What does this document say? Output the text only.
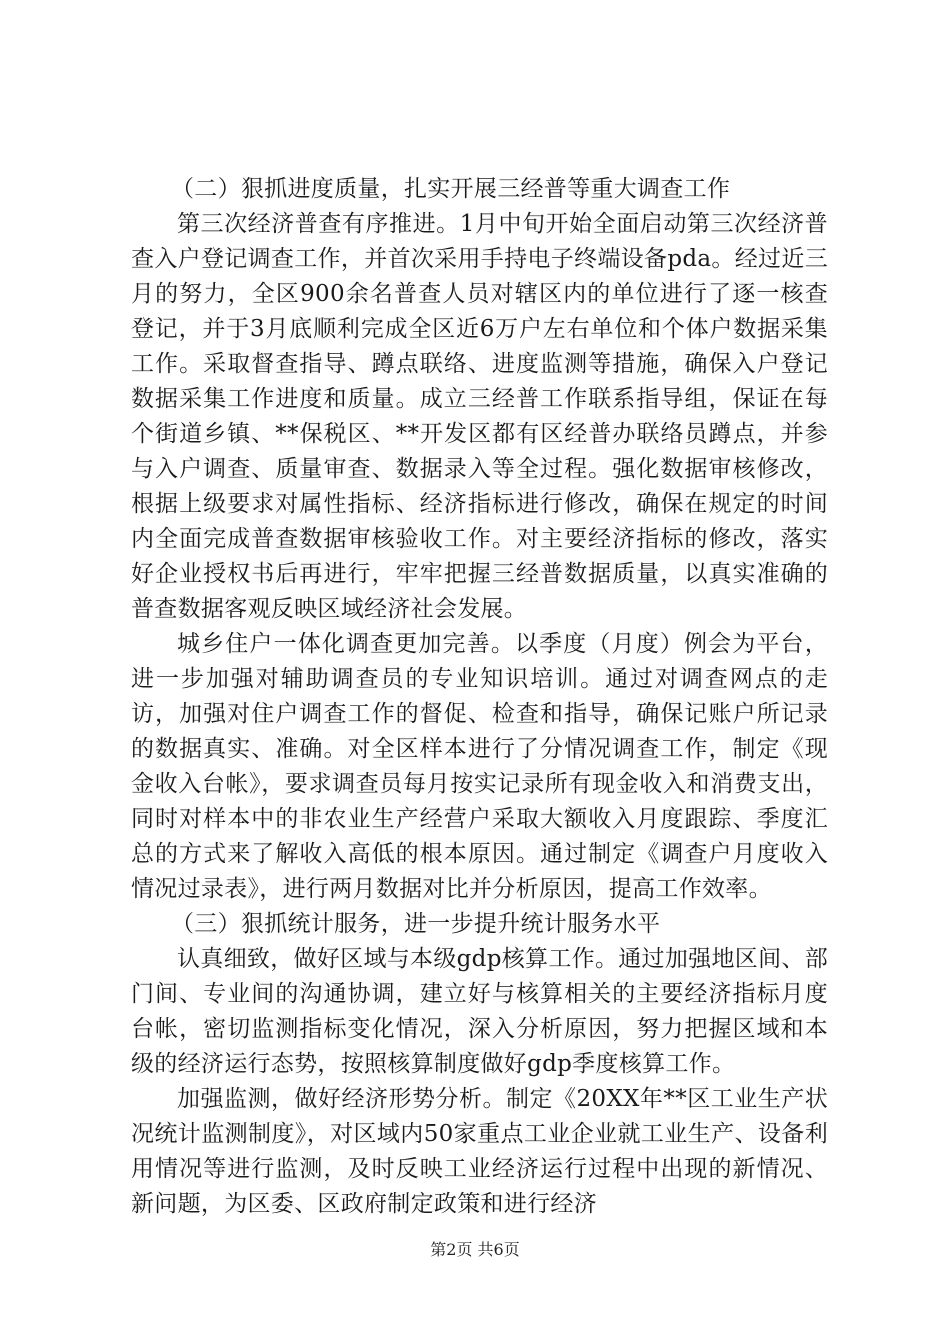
（二）狠抓进度质量，扎实开展三经普等重大调查工作

第三次经济普查有序推进。1月中旬开始全面启动第三次经济普查入户登记调查工作，并首次采用手持电子终端设备pda。经过近三月的努力，全区900余名普查人员对辖区内的单位进行了逐一核查登记，并于3月底顺利完成全区近6万户左右单位和个体户数据采集工作。采取督查指导、蹲点联络、进度监测等措施，确保入户登记数据采集工作进度和质量。成立三经普工作联系指导组，保证在每个街道乡镇、**保税区、**开发区都有区经普办联络员蹲点，并参与入户调查、质量审查、数据录入等全过程。强化数据审核修改，根据上级要求对属性指标、经济指标进行修改，确保在规定的时间内全面完成普查数据审核验收工作。对主要经济指标的修改，落实好企业授权书后再进行，牢牢把握三经普数据质量，以真实准确的普查数据客观反映区域经济社会发展。

城乡住户一体化调查更加完善。以季度（月度）例会为平台，进一步加强对辅助调查员的专业知识培训。通过对调查网点的走访，加强对住户调查工作的督促、检查和指导，确保记账户所记录的数据真实、准确。对全区样本进行了分情况调查工作，制定《现金收入台帐》，要求调查员每月按实记录所有现金收入和消费支出，同时对样本中的非农业生产经营户采取大额收入月度跟踪、季度汇总的方式来了解收入高低的根本原因。通过制定《调查户月度收入情况过录表》，进行两月数据对比并分析原因，提高工作效率。

（三）狠抓统计服务，进一步提升统计服务水平

认真细致，做好区域与本级gdp核算工作。通过加强地区间、部门间、专业间的沟通协调，建立好与核算相关的主要经济指标月度台帐，密切监测指标变化情况，深入分析原因，努力把握区域和本级的经济运行态势，按照核算制度做好gdp季度核算工作。

加强监测，做好经济形势分析。制定《20XX年**区工业生产状况统计监测制度》，对区域内50家重点工业企业就工业生产、设备利用情况等进行监测，及时反映工业经济运行过程中出现的新情况、新问题，为区委、区政府制定政策和进行经济

第2页 共6页
